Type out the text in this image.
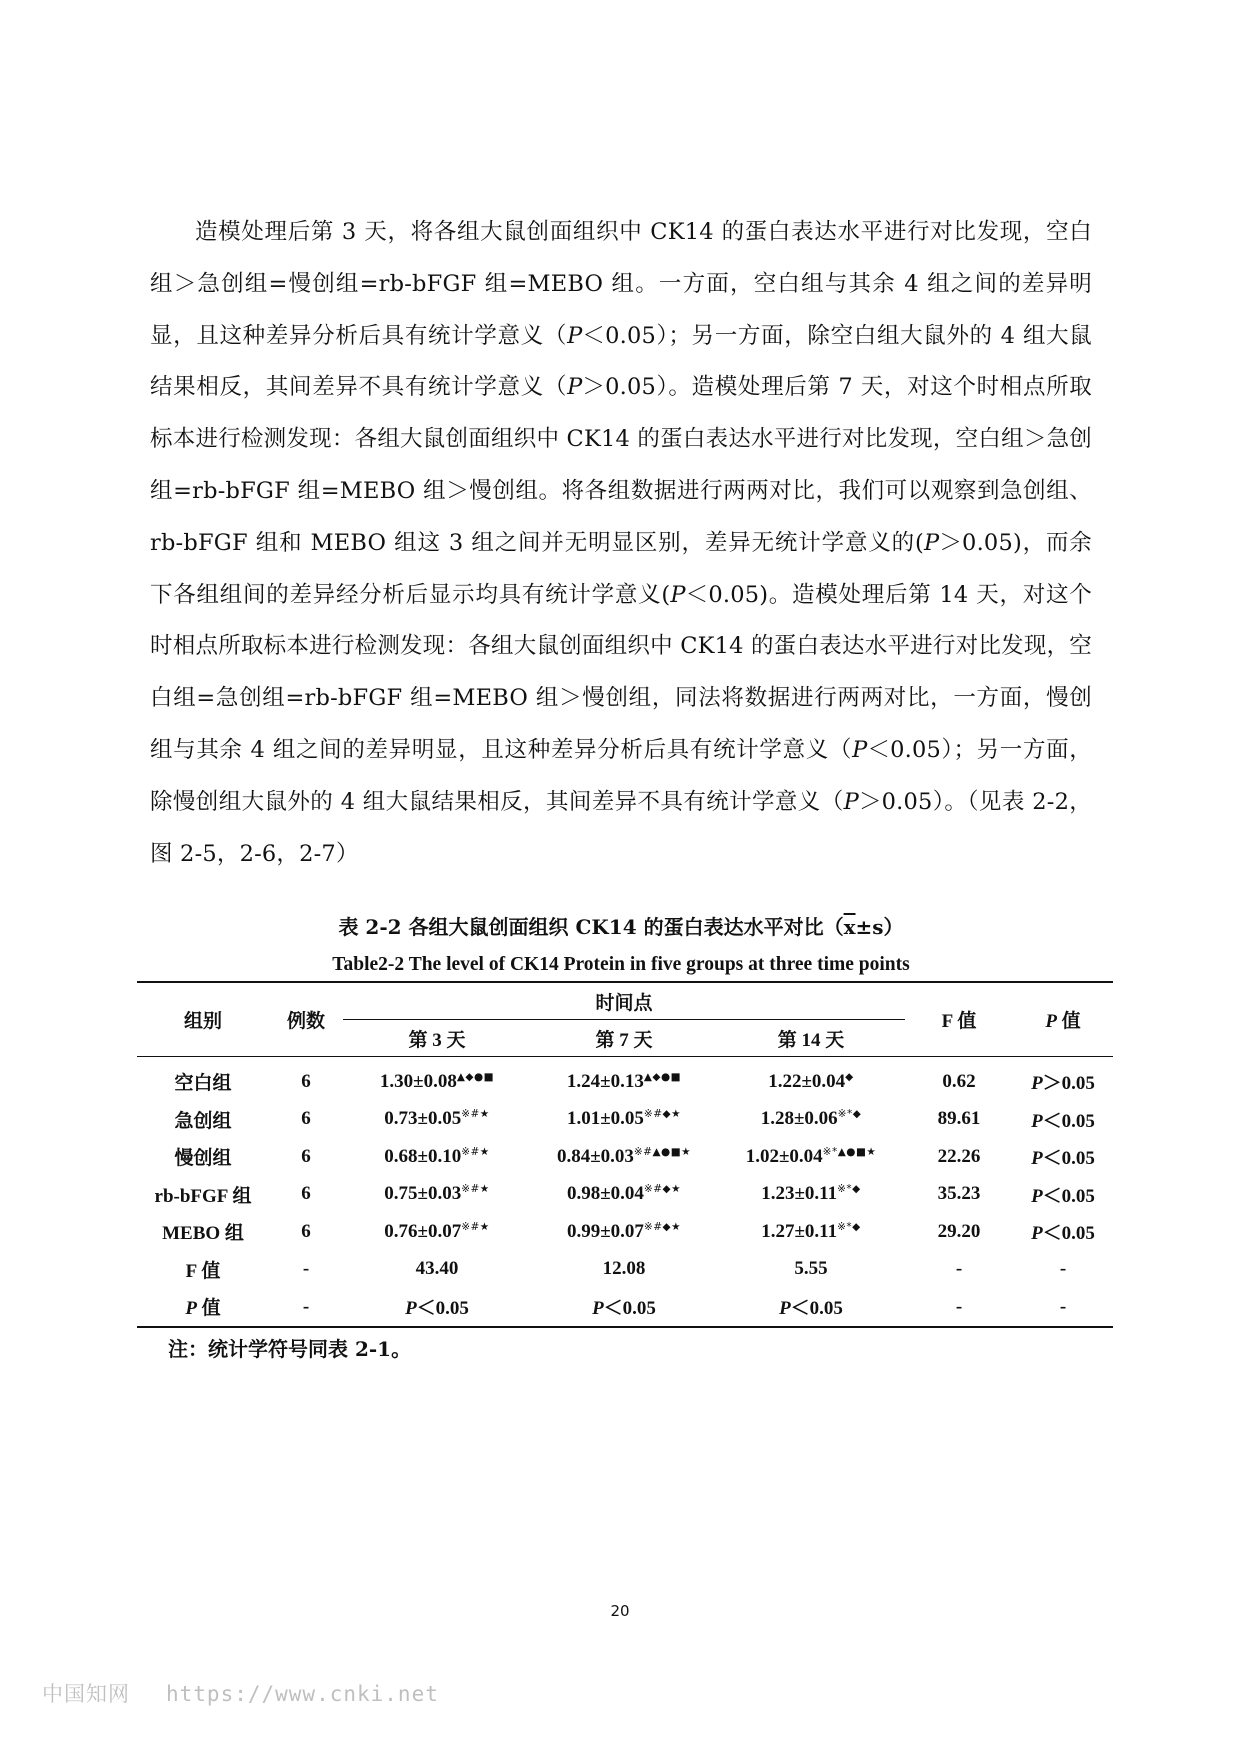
造模处理后第 3 天，将各组大鼠创面组织中 CK14 的蛋白表达水平进行对比发现，空白组＞急创组=慢创组=rb-bFGF 组=MEBO 组。一方面，空白组与其余 4 组之间的差异明显，且这种差异分析后具有统计学意义（P＜0.05）；另一方面，除空白组大鼠外的 4 组大鼠结果相反，其间差异不具有统计学意义（P＞0.05）。造模处理后第 7 天，对这个时相点所取标本进行检测发现：各组大鼠创面组织中 CK14 的蛋白表达水平进行对比发现，空白组＞急创组=rb-bFGF 组=MEBO 组＞慢创组。将各组数据进行两两对比，我们可以观察到急创组、rb-bFGF 组和 MEBO 组这 3 组之间并无明显区别，差异无统计学意义的(P＞0.05)，而余下各组组间的差异经分析后显示均具有统计学意义(P＜0.05)。造模处理后第 14 天，对这个时相点所取标本进行检测发现：各组大鼠创面组织中 CK14 的蛋白表达水平进行对比发现，空白组=急创组=rb-bFGF 组=MEBO 组＞慢创组，同法将数据进行两两对比，一方面，慢创组与其余 4 组之间的差异明显，且这种差异分析后具有统计学意义（P＜0.05）；另一方面，除慢创组大鼠外的 4 组大鼠结果相反，其间差异不具有统计学意义（P＞0.05）。（见表 2-2，图 2-5，2-6，2-7）

表 2-2 各组大鼠创面组织 CK14 的蛋白表达水平对比$(\overline{x}\pm s)$
Table2-2 The level of CK14 Protein in five groups at three time points
组别	例数	时间点			F 值	P 值
		第 3 天	第 7 天	第 14 天		
空白组	6	1.30±0.08▲◆●■	1.24±0.13▲◆●■	1.22±0.04◆	0.62	P＞0.05
急创组	6	0.73±0.05※#★	1.01±0.05※#◆★	1.28±0.06※*◆	89.61	P＜0.05
慢创组	6	0.68±0.10※#★	0.84±0.03※#▲●■★	1.02±0.04※*▲●■★	22.26	P＜0.05
rb-bFGF 组	6	0.75±0.03※#★	0.98±0.04※#◆★	1.23±0.11※*◆	35.23	P＜0.05
MEBO 组	6	0.76±0.07※#★	0.99±0.07※#◆★	1.27±0.11※*◆	29.20	P＜0.05
F 值	-	43.40	12.08	5.55	-	-
P 值	-	P＜0.05	P＜0.05	P＜0.05	-	-
注：统计学符号同表 2-1。
20
中国知网 https://www.cnki.net
